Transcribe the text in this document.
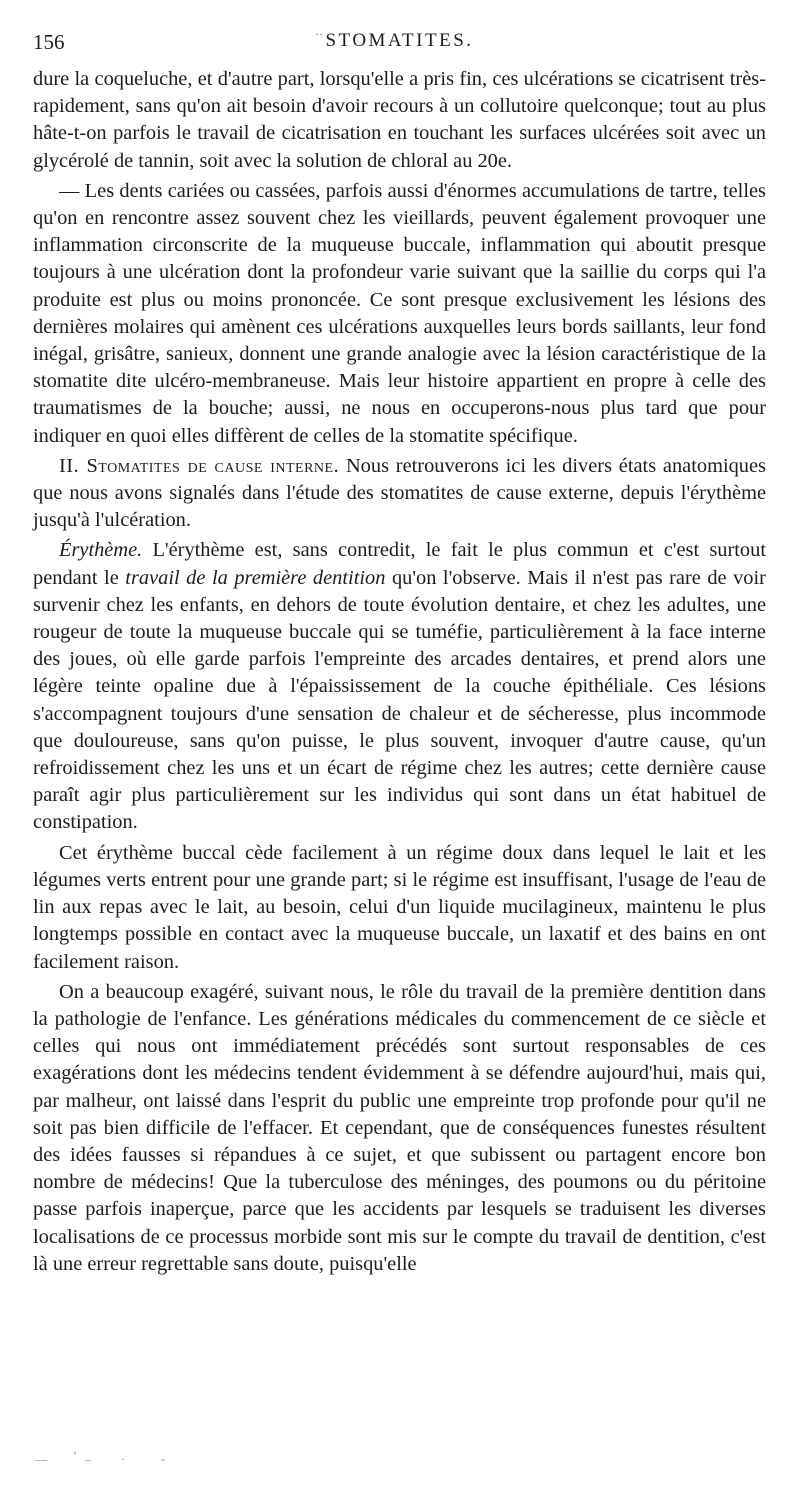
156	·· STOMATITES.

dure la coqueluche, et d'autre part, lorsqu'elle a pris fin, ces ulcérations se cicatrisent très-rapidement, sans qu'on ait besoin d'avoir recours à un collutoire quelconque; tout au plus hâte-t-on parfois le travail de cicatrisation en touchant les surfaces ulcérées soit avec un glycérolé de tannin, soit avec la solution de chloral au 20e.

— Les dents cariées ou cassées, parfois aussi d'énormes accumulations de tartre, telles qu'on en rencontre assez souvent chez les vieillards, peuvent également provoquer une inflammation circonscrite de la muqueuse buccale, inflammation qui aboutit presque toujours à une ulcération dont la profondeur varie suivant que la saillie du corps qui l'a produite est plus ou moins prononcée. Ce sont presque exclusivement les lésions des dernières molaires qui amènent ces ulcérations auxquelles leurs bords saillants, leur fond inégal, grisâtre, sanieux, donnent une grande analogie avec la lésion caractéristique de la stomatite dite ulcéro-membraneuse. Mais leur histoire appartient en propre à celle des traumatismes de la bouche; aussi, ne nous en occuperons-nous plus tard que pour indiquer en quoi elles diffèrent de celles de la stomatite spécifique.

II. Stomatites de cause interne. Nous retrouverons ici les divers états anatomiques que nous avons signalés dans l'étude des stomatites de cause externe, depuis l'érythème jusqu'à l'ulcération.

Érythème. L'érythème est, sans contredit, le fait le plus commun et c'est surtout pendant le travail de la première dentition qu'on l'observe. Mais il n'est pas rare de voir survenir chez les enfants, en dehors de toute évolution dentaire, et chez les adultes, une rougeur de toute la muqueuse buccale qui se tuméfie, particulièrement à la face interne des joues, où elle garde parfois l'empreinte des arcades dentaires, et prend alors une légère teinte opaline due à l'épaississement de la couche épithéliale. Ces lésions s'accompagnent toujours d'une sensation de chaleur et de sécheresse, plus incommode que douloureuse, sans qu'on puisse, le plus souvent, invoquer d'autre cause, qu'un refroidissement chez les uns et un écart de régime chez les autres; cette dernière cause paraît agir plus particulièrement sur les individus qui sont dans un état habituel de constipation.

Cet érythème buccal cède facilement à un régime doux dans lequel le lait et les légumes verts entrent pour une grande part; si le régime est insuffisant, l'usage de l'eau de lin aux repas avec le lait, au besoin, celui d'un liquide mucilagineux, maintenu le plus longtemps possible en contact avec la muqueuse buccale, un laxatif et des bains en ont facilement raison.

On a beaucoup exagéré, suivant nous, le rôle du travail de la première dentition dans la pathologie de l'enfance. Les générations médicales du commencement de ce siècle et celles qui nous ont immédiatement précédés sont surtout responsables de ces exagérations dont les médecins tendent évidemment à se défendre aujourd'hui, mais qui, par malheur, ont laissé dans l'esprit du public une empreinte trop profonde pour qu'il ne soit pas bien difficile de l'effacer. Et cependant, que de conséquences funestes résultent des idées fausses si répandues à ce sujet, et que subissent ou partagent encore bon nombre de médecins! Que la tuberculose des méninges, des poumons ou du péritoine passe parfois inaperçue, parce que les accidents par lesquels se traduisent les diverses localisations de ce processus morbide sont mis sur le compte du travail de dentition, c'est là une erreur regrettable sans doute, puisqu'elle

‚
—	–	·	-
